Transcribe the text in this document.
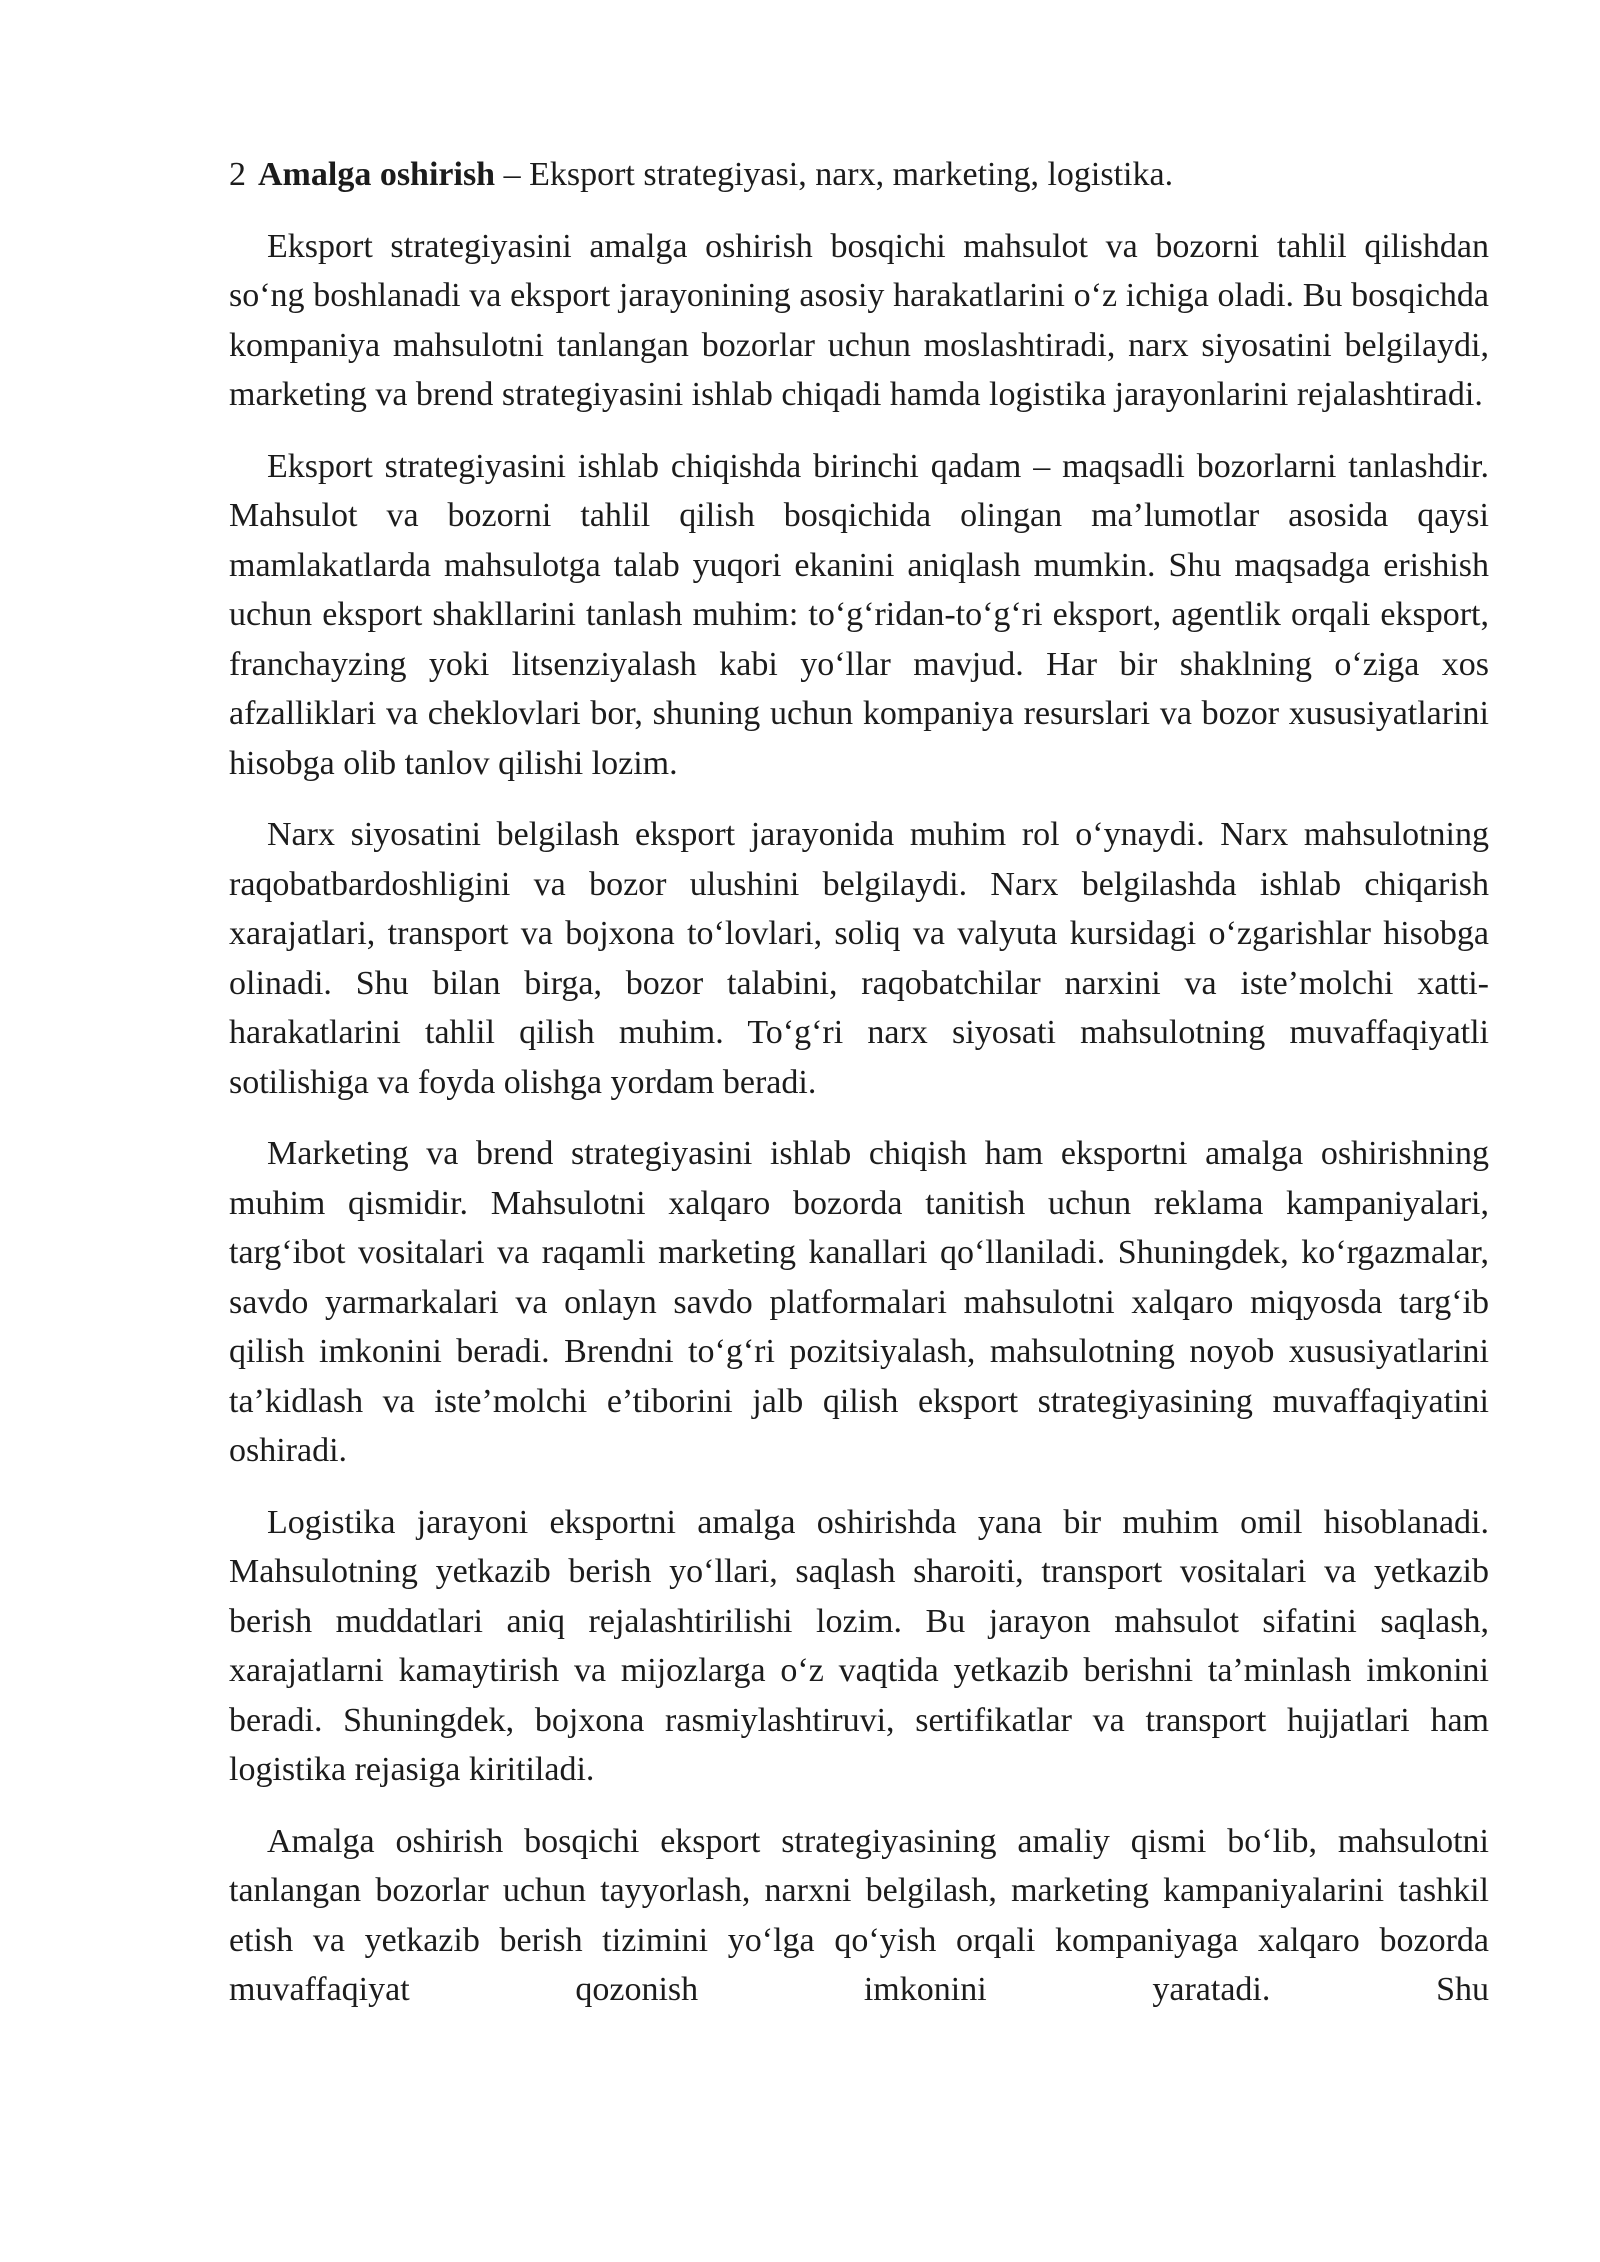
2 Amalga oshirish – Eksport strategiyasi, narx, marketing, logistika.

Eksport strategiyasini amalga oshirish bosqichi mahsulot va bozorni tahlil qilishdan so‘ng boshlanadi va eksport jarayonining asosiy harakatlarini o‘z ichiga oladi. Bu bosqichda kompaniya mahsulotni tanlangan bozorlar uchun moslashtiradi, narx siyosatini belgilaydi, marketing va brend strategiyasini ishlab chiqadi hamda logistika jarayonlarini rejalashtiradi.

Eksport strategiyasini ishlab chiqishda birinchi qadam – maqsadli bozorlarni tanlashdir. Mahsulot va bozorni tahlil qilish bosqichida olingan ma’lumotlar asosida qaysi mamlakatlarda mahsulotga talab yuqori ekanini aniqlash mumkin. Shu maqsadga erishish uchun eksport shakllarini tanlash muhim: to‘g‘ridan-to‘g‘ri eksport, agentlik orqali eksport, franchayzing yoki litsenziyalash kabi yo‘llar mavjud. Har bir shaklning o‘ziga xos afzalliklari va cheklovlari bor, shuning uchun kompaniya resurslari va bozor xususiyatlarini hisobga olib tanlov qilishi lozim.

Narx siyosatini belgilash eksport jarayonida muhim rol o‘ynaydi. Narx mahsulotning raqobatbardoshligini va bozor ulushini belgilaydi. Narx belgilashda ishlab chiqarish xarajatlari, transport va bojxona to‘lovlari, soliq va valyuta kursidagi o‘zgarishlar hisobga olinadi. Shu bilan birga, bozor talabini, raqobatchilar narxini va iste’molchi xatti-harakatlarini tahlil qilish muhim. To‘g‘ri narx siyosati mahsulotning muvaffaqiyatli sotilishiga va foyda olishga yordam beradi.

Marketing va brend strategiyasini ishlab chiqish ham eksportni amalga oshirishning muhim qismidir. Mahsulotni xalqaro bozorda tanitish uchun reklama kampaniyalari, targ‘ibot vositalari va raqamli marketing kanallari qo‘llaniladi. Shuningdek, ko‘rgazmalar, savdo yarmarkalari va onlayn savdo platformalari mahsulotni xalqaro miqyosda targ‘ib qilish imkonini beradi. Brendni to‘g‘ri pozitsiyalash, mahsulotning noyob xususiyatlarini ta’kidlash va iste’molchi e’tiborini jalb qilish eksport strategiyasining muvaffaqiyatini oshiradi.

Logistika jarayoni eksportni amalga oshirishda yana bir muhim omil hisoblanadi. Mahsulotning yetkazib berish yo‘llari, saqlash sharoiti, transport vositalari va yetkazib berish muddatlari aniq rejalashtirilishi lozim. Bu jarayon mahsulot sifatini saqlash, xarajatlarni kamaytirish va mijozlarga o‘z vaqtida yetkazib berishni ta’minlash imkonini beradi. Shuningdek, bojxona rasmiylashtiruvi, sertifikatlar va transport hujjatlari ham logistika rejasiga kiritiladi.

Amalga oshirish bosqichi eksport strategiyasining amaliy qismi bo‘lib, mahsulotni tanlangan bozorlar uchun tayyorlash, narxni belgilash, marketing kampaniyalarini tashkil etish va yetkazib berish tizimini yo‘lga qo‘yish orqali kompaniyaga xalqaro bozorda muvaffaqiyat qozonish imkonini yaratadi. Shu
